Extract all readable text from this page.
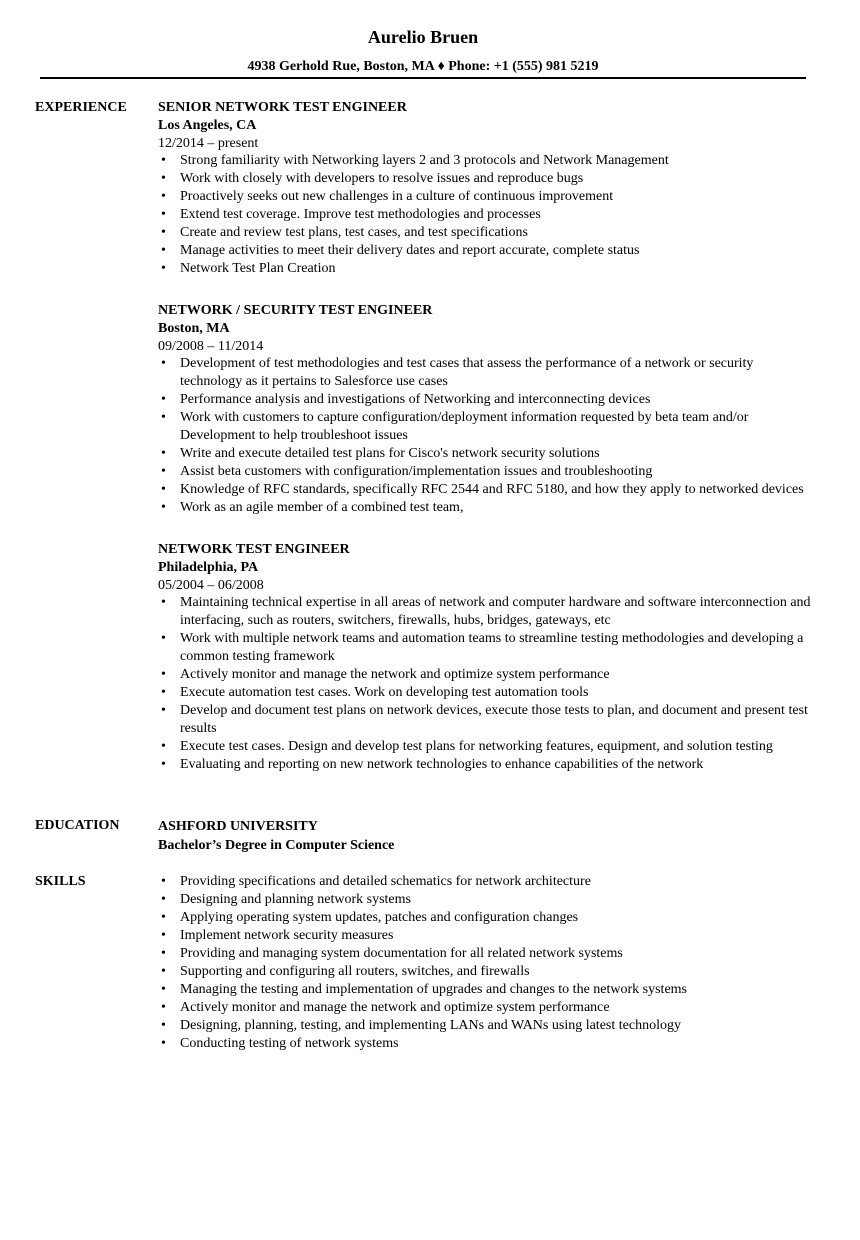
Aurelio Bruen
4938 Gerhold Rue, Boston, MA ♦ Phone: +1 (555) 981 5219
EXPERIENCE SENIOR NETWORK TEST ENGINEER
Los Angeles, CA
12/2014 – present
• Strong familiarity with Networking layers 2 and 3 protocols and Network Management
• Work with closely with developers to resolve issues and reproduce bugs
• Proactively seeks out new challenges in a culture of continuous improvement
• Extend test coverage. Improve test methodologies and processes
• Create and review test plans, test cases, and test specifications
• Manage activities to meet their delivery dates and report accurate, complete status
• Network Test Plan Creation
NETWORK / SECURITY TEST ENGINEER
Boston, MA
09/2008 – 11/2014
• Development of test methodologies and test cases that assess the performance of a network or security technology as it pertains to Salesforce use cases
• Performance analysis and investigations of Networking and interconnecting devices
• Work with customers to capture configuration/deployment information requested by beta team and/or Development to help troubleshoot issues
• Write and execute detailed test plans for Cisco's network security solutions
• Assist beta customers with configuration/implementation issues and troubleshooting
• Knowledge of RFC standards, specifically RFC 2544 and RFC 5180, and how they apply to networked devices
• Work as an agile member of a combined test team,
NETWORK TEST ENGINEER
Philadelphia, PA
05/2004 – 06/2008
• Maintaining technical expertise in all areas of network and computer hardware and software interconnection and interfacing, such as routers, switchers, firewalls, hubs, bridges, gateways, etc
• Work with multiple network teams and automation teams to streamline testing methodologies and developing a common testing framework
• Actively monitor and manage the network and optimize system performance
• Execute automation test cases. Work on developing test automation tools
• Develop and document test plans on network devices, execute those tests to plan, and document and present test results
• Execute test cases. Design and develop test plans for networking features, equipment, and solution testing
• Evaluating and reporting on new network technologies to enhance capabilities of the network
EDUCATION	ASHFORD UNIVERSITY
Bachelor’s Degree in Computer Science
SKILLS
•	Providing specifications and detailed schematics for network architecture
• Designing and planning network systems
• Applying operating system updates, patches and configuration changes
• Implement network security measures
• Providing and managing system documentation for all related network systems
• Supporting and configuring all routers, switches, and firewalls
• Managing the testing and implementation of upgrades and changes to the network systems
• Actively monitor and manage the network and optimize system performance
• Designing, planning, testing, and implementing LANs and WANs using latest technology
• Conducting testing of network systems
